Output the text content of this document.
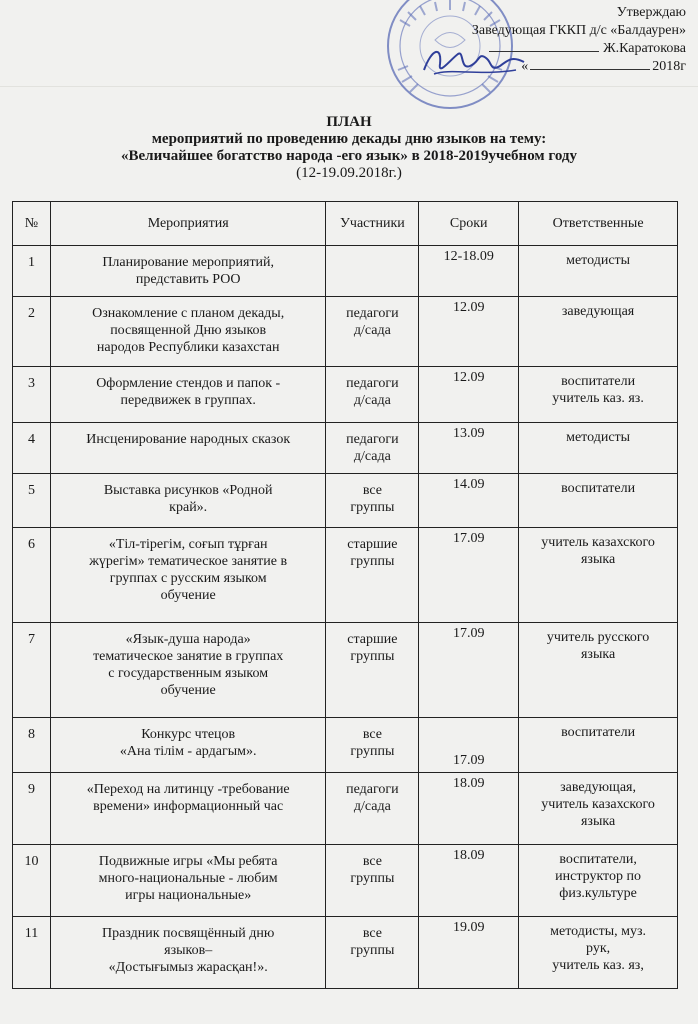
Утверждаю
Заведующая ГККП д/с «Балдаурен»
Ж.Каратокова
«	2018г
ПЛАН
мероприятий по проведению декады дню языков на тему:
«Величайшее богатство народа -его язык» в 2018-2019учебном году
(12-19.09.2018г.)
№	Мероприятия	Участники	Сроки	Ответственные
1	Планирование мероприятий,
представить РОО		12-18.09	методисты

2	Ознакомление с планом декады,
посвященной Дню языков
народов Республики казахстан	педагоги
д/сада	12.09	заведующая

3	Оформление стендов и папок -
передвижек в группах.	педагоги
д/сада	12.09	воспитатели
учитель каз. яз.

4	Инсценирование народных сказок	педагоги
д/сада	13.09	методисты

5	Выставка рисунков «Родной
край».	все
группы	14.09	воспитатели

6	«Тіл-тірегім, соғып тұрған
жүрегім» тематическое занятие в
группах с русским языком
обучение	старшие
группы	17.09	учитель казахского
языка

7	«Язык-душа народа»
тематическое занятие в группах
с государственным языком
обучение	старшие
группы	17.09	учитель русского
языка

8	Конкурс чтецов
«Ана тілім - ардагым».	все
группы	17.09	воспитатели

9	«Переход на литинцу -требование
времени» информационный час	педагоги
д/сада	18.09	заведующая,
учитель казахского
языка

10	Подвижные игры «Мы ребята
много-национальные - любим
игры национальные»	все
группы	18.09	воспитатели,
инструктор по
физ.культуре

11	Праздник посвящённый дню
языков–
«Достығымыз жарасқан!».	все
группы	19.09	методисты, муз.
рук,
учитель каз. яз,
